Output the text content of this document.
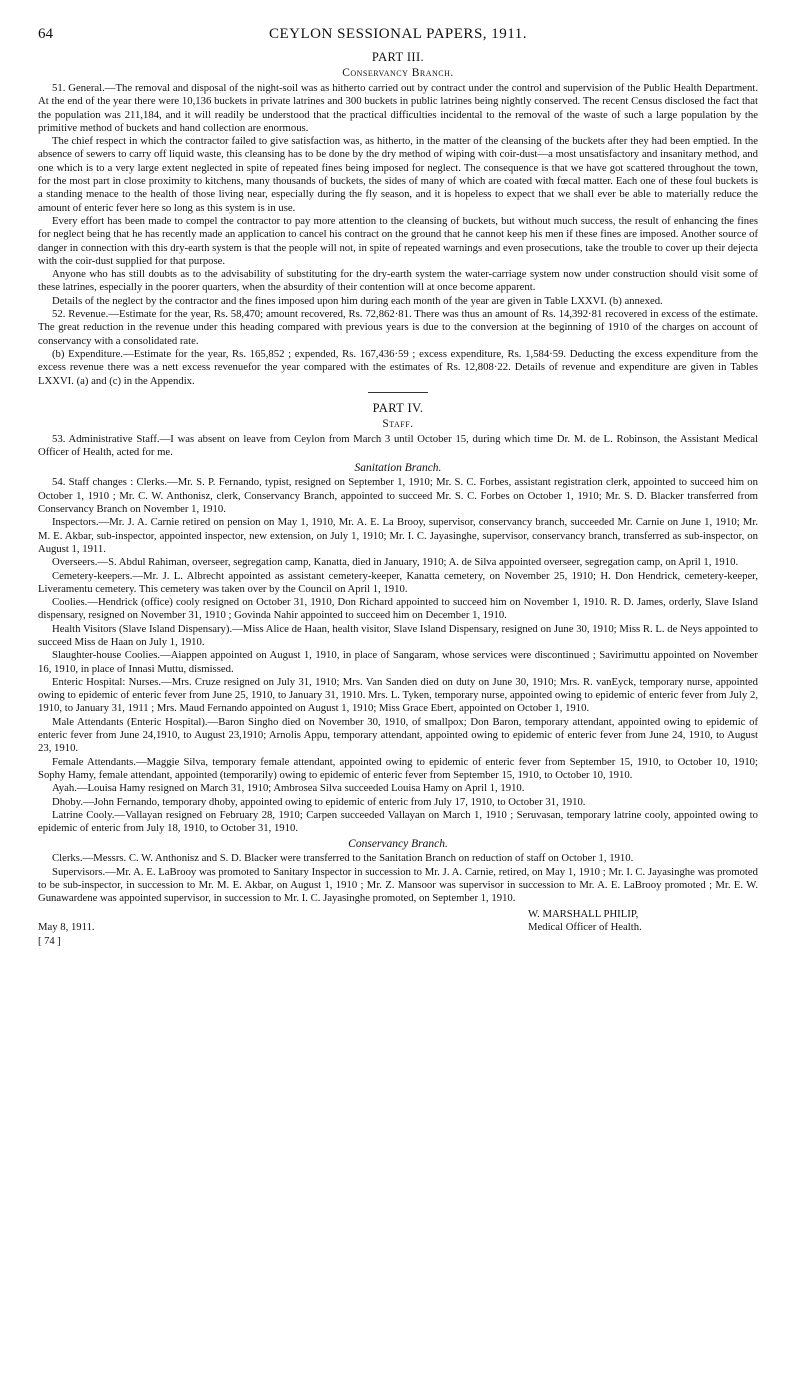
64	CEYLON SESSIONAL PAPERS, 1911.
PART III.
Conservancy Branch.

51. General.—The removal and disposal of the night-soil was as hitherto carried out by contract under the control and supervision of the Public Health Department. At the end of the year there were 10,136 buckets in private latrines and 300 buckets in public latrines being nightly conserved. The recent Census disclosed the fact that the population was 211,184, and it will readily be understood that the practical difficulties incidental to the removal of the waste of such a large population by the primitive method of buckets and hand collection are enormous.

The chief respect in which the contractor failed to give satisfaction was, as hitherto, in the matter of the cleansing of the buckets after they had been emptied. In the absence of sewers to carry off liquid waste, this cleansing has to be done by the dry method of wiping with coir-dust—a most unsatisfactory and insanitary method, and one which is to a very large extent neglected in spite of repeated fines being imposed for neglect. The consequence is that we have got scattered throughout the town, for the most part in close proximity to kitchens, many thousands of buckets, the sides of many of which are coated with fœcal matter. Each one of these foul buckets is a standing menace to the health of those living near, especially during the fly season, and it is hopeless to expect that we shall ever be able to materially reduce the amount of enteric fever here so long as this system is in use.

Every effort has been made to compel the contractor to pay more attention to the cleansing of buckets, but without much success, the result of enhancing the fines for neglect being that he has recently made an application to cancel his contract on the ground that he cannot keep his men if these fines are imposed. Another source of danger in connection with this dry-earth system is that the people will not, in spite of repeated warnings and even prosecutions, take the trouble to cover up their dejecta with the coir-dust supplied for that purpose.

Anyone who has still doubts as to the advisability of substituting for the dry-earth system the water-carriage system now under construction should visit some of these latrines, especially in the poorer quarters, when the absurdity of their contention will at once become apparent.

Details of the neglect by the contractor and the fines imposed upon him during each month of the year are given in Table LXXVI. (b) annexed.

52. Revenue.—Estimate for the year, Rs. 58,470; amount recovered, Rs. 72,862·81. There was thus an amount of Rs. 14,392·81 recovered in excess of the estimate. The great reduction in the revenue under this heading compared with previous years is due to the conversion at the beginning of 1910 of the charges on account of conservancy with a consolidated rate.

(b) Expenditure.—Estimate for the year, Rs. 165,852 ; expended, Rs. 167,436·59 ; excess expenditure, Rs. 1,584·59. Deducting the excess expenditure from the excess revenue there was a nett excess revenuefor the year compared with the estimates of Rs. 12,808·22. Details of revenue and expenditure are given in Tables LXXVI. (a) and (c) in the Appendix.

PART IV.
Staff.

53. Administrative Staff.—I was absent on leave from Ceylon from March 3 until October 15, during which time Dr. M. de L. Robinson, the Assistant Medical Officer of Health, acted for me.

Sanitation Branch.

54. Staff changes : Clerks.—Mr. S. P. Fernando, typist, resigned on September 1, 1910; Mr. S. C. Forbes, assistant registration clerk, appointed to succeed him on October 1, 1910 ; Mr. C. W. Anthonisz, clerk, Conservancy Branch, appointed to succeed Mr. S. C. Forbes on October 1, 1910; Mr. S. D. Blacker transferred from Conservancy Branch on November 1, 1910.

Inspectors.—Mr. J. A. Carnie retired on pension on May 1, 1910, Mr. A. E. La Brooy, supervisor, conservancy branch, succeeded Mr. Carnie on June 1, 1910; Mr. M. E. Akbar, sub-inspector, appointed inspector, new extension, on July 1, 1910; Mr. I. C. Jayasinghe, supervisor, conservancy branch, transferred as sub-inspector, on August 1, 1911.

Overseers.—S. Abdul Rahiman, overseer, segregation camp, Kanatta, died in January, 1910; A. de Silva appointed overseer, segregation camp, on April 1, 1910.

Cemetery-keepers.—Mr. J. L. Albrecht appointed as assistant cemetery-keeper, Kanatta cemetery, on November 25, 1910; H. Don Hendrick, cemetery-keeper, Liveramentu cemetery. This cemetery was taken over by the Council on April 1, 1910.

Coolies.—Hendrick (office) cooly resigned on October 31, 1910, Don Richard appointed to succeed him on November 1, 1910. R. D. James, orderly, Slave Island dispensary, resigned on November 31, 1910 ; Govinda Nahir appointed to succeed him on December 1, 1910.

Health Visitors (Slave Island Dispensary).—Miss Alice de Haan, health visitor, Slave Island Dispensary, resigned on June 30, 1910; Miss R. L. de Neys appointed to succeed Miss de Haan on July 1, 1910.

Slaughter-house Coolies.—Aiappen appointed on August 1, 1910, in place of Sangaram, whose services were discontinued ; Savirimuttu appointed on November 16, 1910, in place of Innasi Muttu, dismissed.

Enteric Hospital: Nurses.—Mrs. Cruze resigned on July 31, 1910; Mrs. Van Sanden died on duty on June 30, 1910; Mrs. R. vanEyck, temporary nurse, appointed owing to epidemic of enteric fever from June 25, 1910, to January 31, 1910. Mrs. L. Tyken, temporary nurse, appointed owing to epidemic of enteric fever from July 2, 1910, to January 31, 1911 ; Mrs. Maud Fernando appointed on August 1, 1910; Miss Grace Ebert, appointed on October 1, 1910.

Male Attendants (Enteric Hospital).—Baron Singho died on November 30, 1910, of smallpox; Don Baron, temporary attendant, appointed owing to epidemic of enteric fever from June 24,1910, to August 23,1910; Arnolis Appu, temporary attendant, appointed owing to epidemic of enteric fever from June 24, 1910, to August 23, 1910.

Female Attendants.—Maggie Silva, temporary female attendant, appointed owing to epidemic of enteric fever from September 15, 1910, to October 10, 1910; Sophy Hamy, female attendant, appointed (temporarily) owing to epidemic of enteric fever from September 15, 1910, to October 10, 1910.

Ayah.—Louisa Hamy resigned on March 31, 1910; Ambrosea Silva succeeded Louisa Hamy on April 1, 1910.

Dhoby.—John Fernando, temporary dhoby, appointed owing to epidemic of enteric from July 17, 1910, to October 31, 1910.

Latrine Cooly.—Vallayan resigned on February 28, 1910; Carpen succeeded Vallayan on March 1, 1910 ; Seruvasan, temporary latrine cooly, appointed owing to epidemic of enteric from July 18, 1910, to October 31, 1910.

Conservancy Branch.

Clerks.—Messrs. C. W. Anthonisz and S. D. Blacker were transferred to the Sanitation Branch on reduction of staff on October 1, 1910.

Supervisors.—Mr. A. E. LaBrooy was promoted to Sanitary Inspector in succession to Mr. J. A. Carnie, retired, on May 1, 1910 ; Mr. I. C. Jayasinghe was promoted to be sub-inspector, in succession to Mr. M. E. Akbar, on August 1, 1910 ; Mr. Z. Mansoor was supervisor in succession to Mr. A. E. LaBrooy promoted ; Mr. E. W. Gunawardene was appointed supervisor, in succession to Mr. I. C. Jayasinghe promoted, on September 1, 1910.

May 8, 1911.
W. MARSHALL PHILIP,
Medical Officer of Health.
[ 74 ]
